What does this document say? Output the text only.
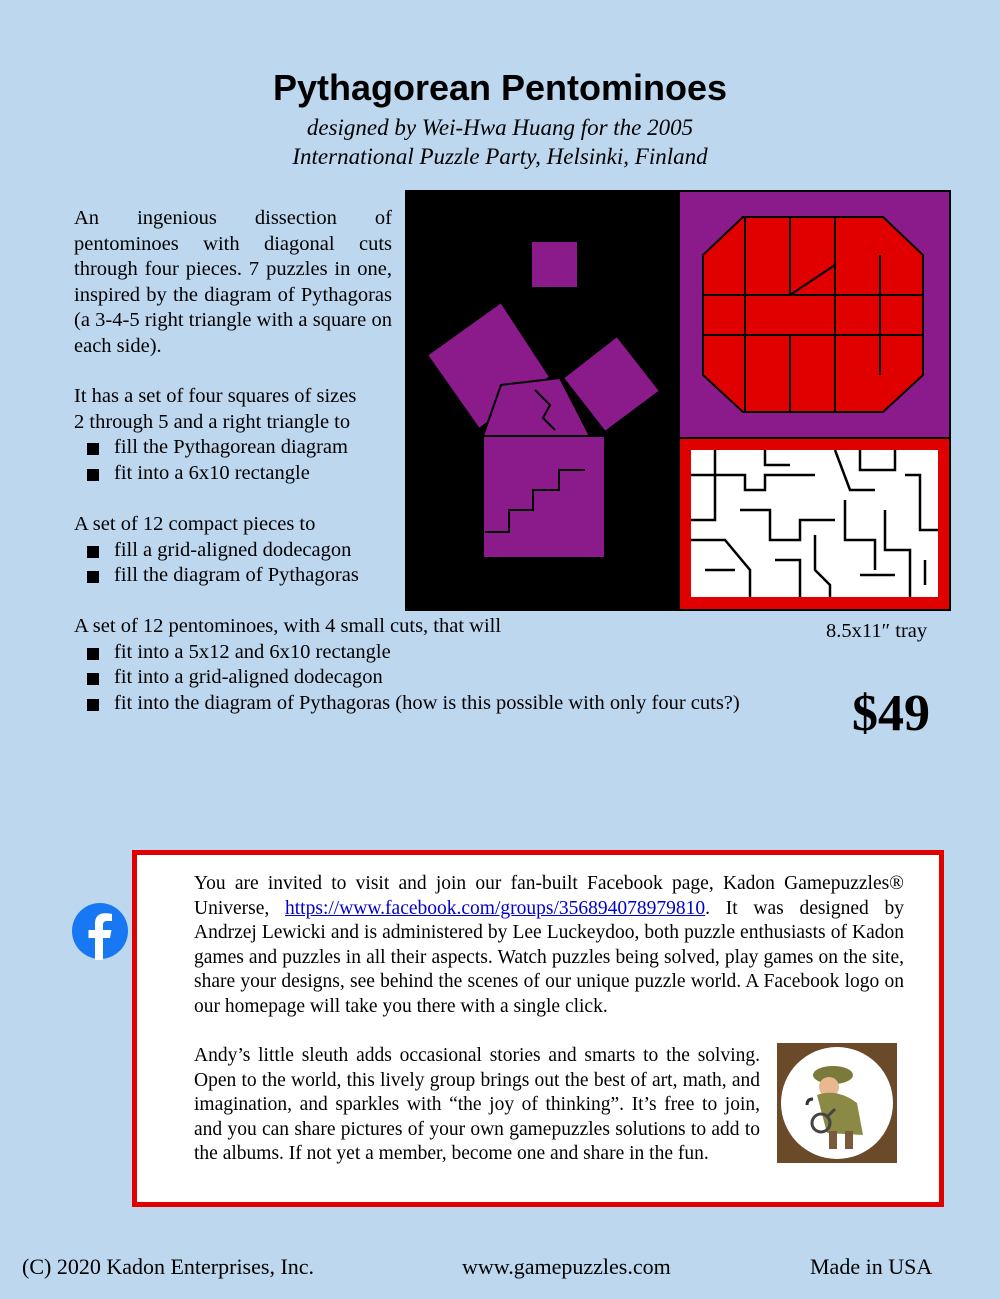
Pythagorean Pentominoes
designed by Wei-Hwa Huang for the 2005
International Puzzle Party, Helsinki, Finland
An ingenious dissection of pentominoes with diagonal cuts through four pieces. 7 puzzles in one, inspired by the diagram of Pythagoras (a 3-4-5 right triangle with a square on each side).
It has a set of four squares of sizes
2 through 5 and a right triangle to
fill the Pythagorean diagram
fit into a 6x10 rectangle
A set of 12 compact pieces to
fill a grid-aligned dodecagon
fill the diagram of Pythagoras
A set of 12 pentominoes, with 4 small cuts, that will
fit into a 5x12 and 6x10 rectangle
fit into a grid-aligned dodecagon
fit into the diagram of Pythagoras (how is this possible with only four cuts?)
8.5x11″ tray
$49
You are invited to visit and join our fan-built Facebook page, Kadon Gamepuzzles® Universe, https://www.facebook.com/groups/356894078979810. It was designed by Andrzej Lewicki and is administered by Lee Luckeydoo, both puzzle enthusiasts of Kadon games and puzzles in all their aspects. Watch puzzles being solved, play games on the site, share your designs, see behind the scenes of our unique puzzle world. A Facebook logo on our homepage will take you there with a single click.
Andy’s little sleuth adds occasional stories and smarts to the solving. Open to the world, this lively group brings out the best of art, math, and imagination, and sparkles with “the joy of thinking”. It’s free to join, and you can share pictures of your own gamepuzzles solutions to add to the albums. If not yet a member, become one and share in the fun.
(C) 2020 Kadon Enterprises, Inc.	www.gamepuzzles.com	Made in USA
